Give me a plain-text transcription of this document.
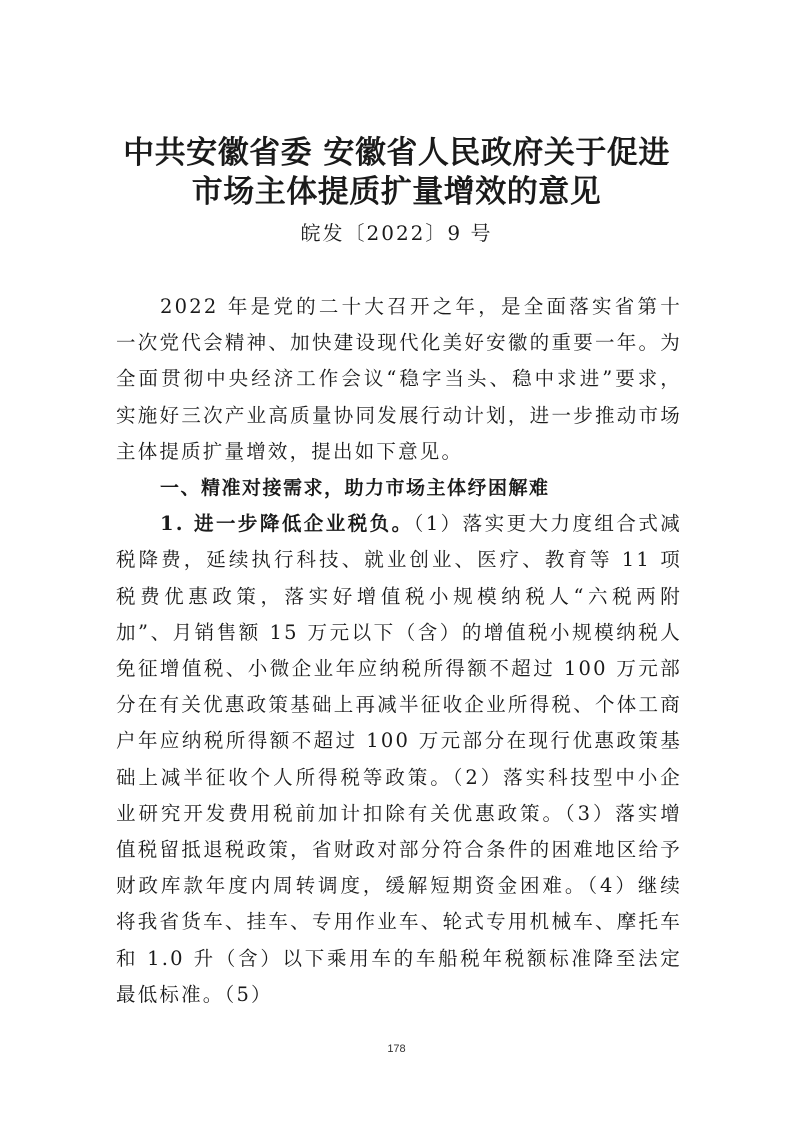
中共安徽省委 安徽省人民政府关于促进
市场主体提质扩量增效的意见
皖发〔2022〕9 号

2022 年是党的二十大召开之年，是全面落实省第十一次党代会精神、加快建设现代化美好安徽的重要一年。为全面贯彻中央经济工作会议“稳字当头、稳中求进”要求，实施好三次产业高质量协同发展行动计划，进一步推动市场主体提质扩量增效，提出如下意见。

一、精准对接需求，助力市场主体纾困解难

1. 进一步降低企业税负。（1）落实更大力度组合式减税降费，延续执行科技、就业创业、医疗、教育等 11 项税费优惠政策，落实好增值税小规模纳税人“六税两附加”、月销售额 15 万元以下（含）的增值税小规模纳税人免征增值税、小微企业年应纳税所得额不超过 100 万元部分在有关优惠政策基础上再减半征收企业所得税、个体工商户年应纳税所得额不超过 100 万元部分在现行优惠政策基础上减半征收个人所得税等政策。（2）落实科技型中小企业研究开发费用税前加计扣除有关优惠政策。（3）落实增值税留抵退税政策，省财政对部分符合条件的困难地区给予财政库款年度内周转调度，缓解短期资金困难。（4）继续将我省货车、挂车、专用作业车、轮式专用机械车、摩托车和 1.0 升（含）以下乘用车的车船税年税额标准降至法定最低标准。（5）

178
